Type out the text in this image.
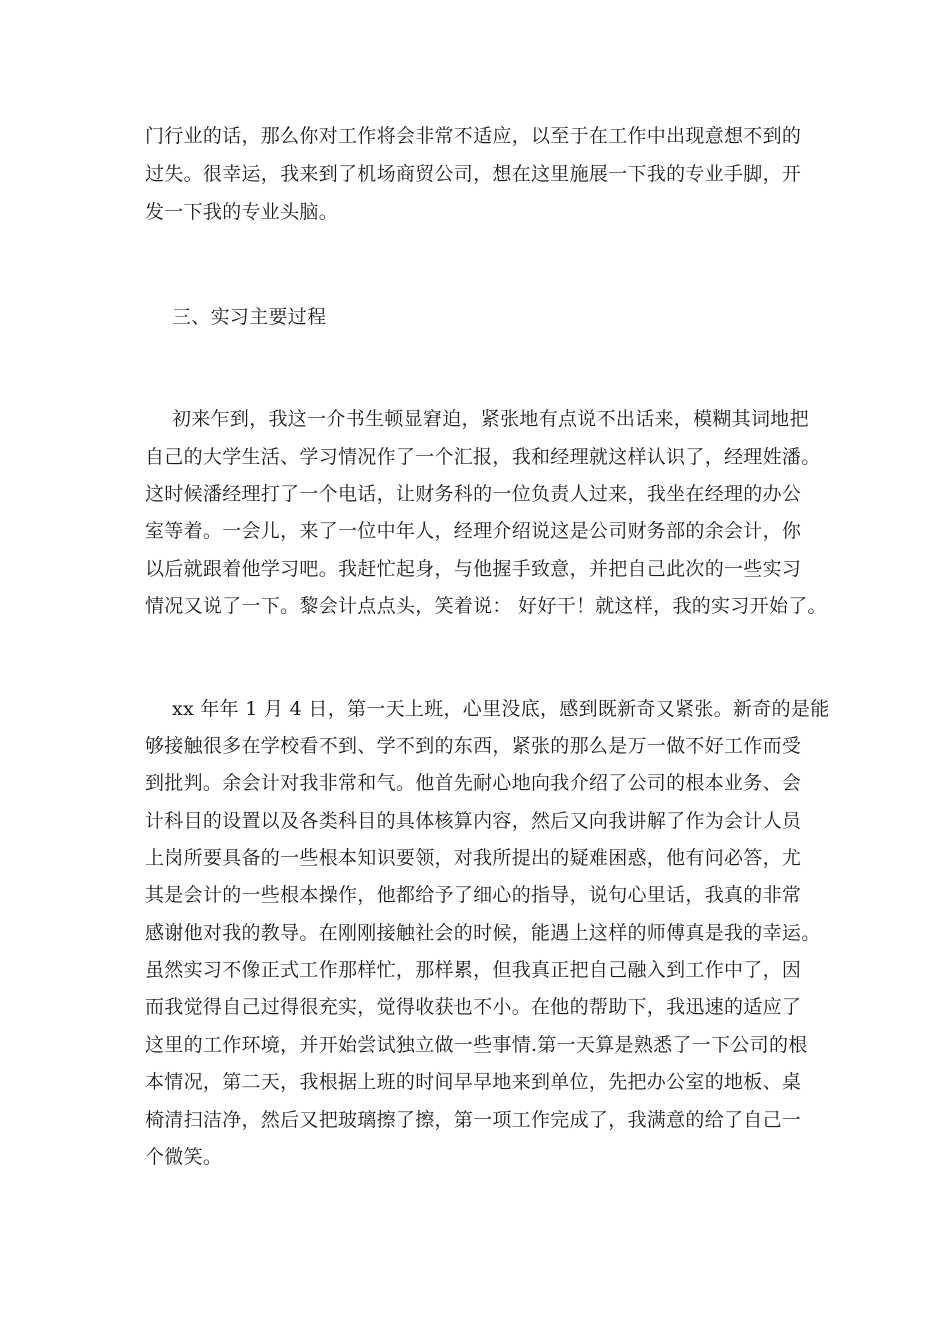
门行业的话，那么你对工作将会非常不适应，以至于在工作中出现意想不到的
过失。很幸运，我来到了机场商贸公司，想在这里施展一下我的专业手脚，开
发一下我的专业头脑。
三、实习主要过程
初来乍到，我这一介书生顿显窘迫，紧张地有点说不出话来，模糊其词地把
自己的大学生活、学习情况作了一个汇报，我和经理就这样认识了，经理姓潘。
这时候潘经理打了一个电话，让财务科的一位负责人过来，我坐在经理的办公
室等着。一会儿，来了一位中年人，经理介绍说这是公司财务部的余会计，你
以后就跟着他学习吧。我赶忙起身，与他握手致意，并把自己此次的一些实习
情况又说了一下。黎会计点点头，笑着说： 好好干！就这样，我的实习开始了。
xx 年年 1 月 4 日，第一天上班，心里没底，感到既新奇又紧张。新奇的是能
够接触很多在学校看不到、学不到的东西，紧张的那么是万一做不好工作而受
到批判。余会计对我非常和气。他首先耐心地向我介绍了公司的根本业务、会
计科目的设置以及各类科目的具体核算内容，然后又向我讲解了作为会计人员
上岗所要具备的一些根本知识要领，对我所提出的疑难困惑，他有问必答，尤
其是会计的一些根本操作，他都给予了细心的指导，说句心里话，我真的非常
感谢他对我的教导。在刚刚接触社会的时候，能遇上这样的师傅真是我的幸运。
虽然实习不像正式工作那样忙，那样累，但我真正把自己融入到工作中了，因
而我觉得自己过得很充实，觉得收获也不小。在他的帮助下，我迅速的适应了
这里的工作环境，并开始尝试独立做一些事情.第一天算是熟悉了一下公司的根
本情况，第二天，我根据上班的时间早早地来到单位，先把办公室的地板、桌
椅清扫洁净，然后又把玻璃擦了擦，第一项工作完成了，我满意的给了自己一
个微笑。
